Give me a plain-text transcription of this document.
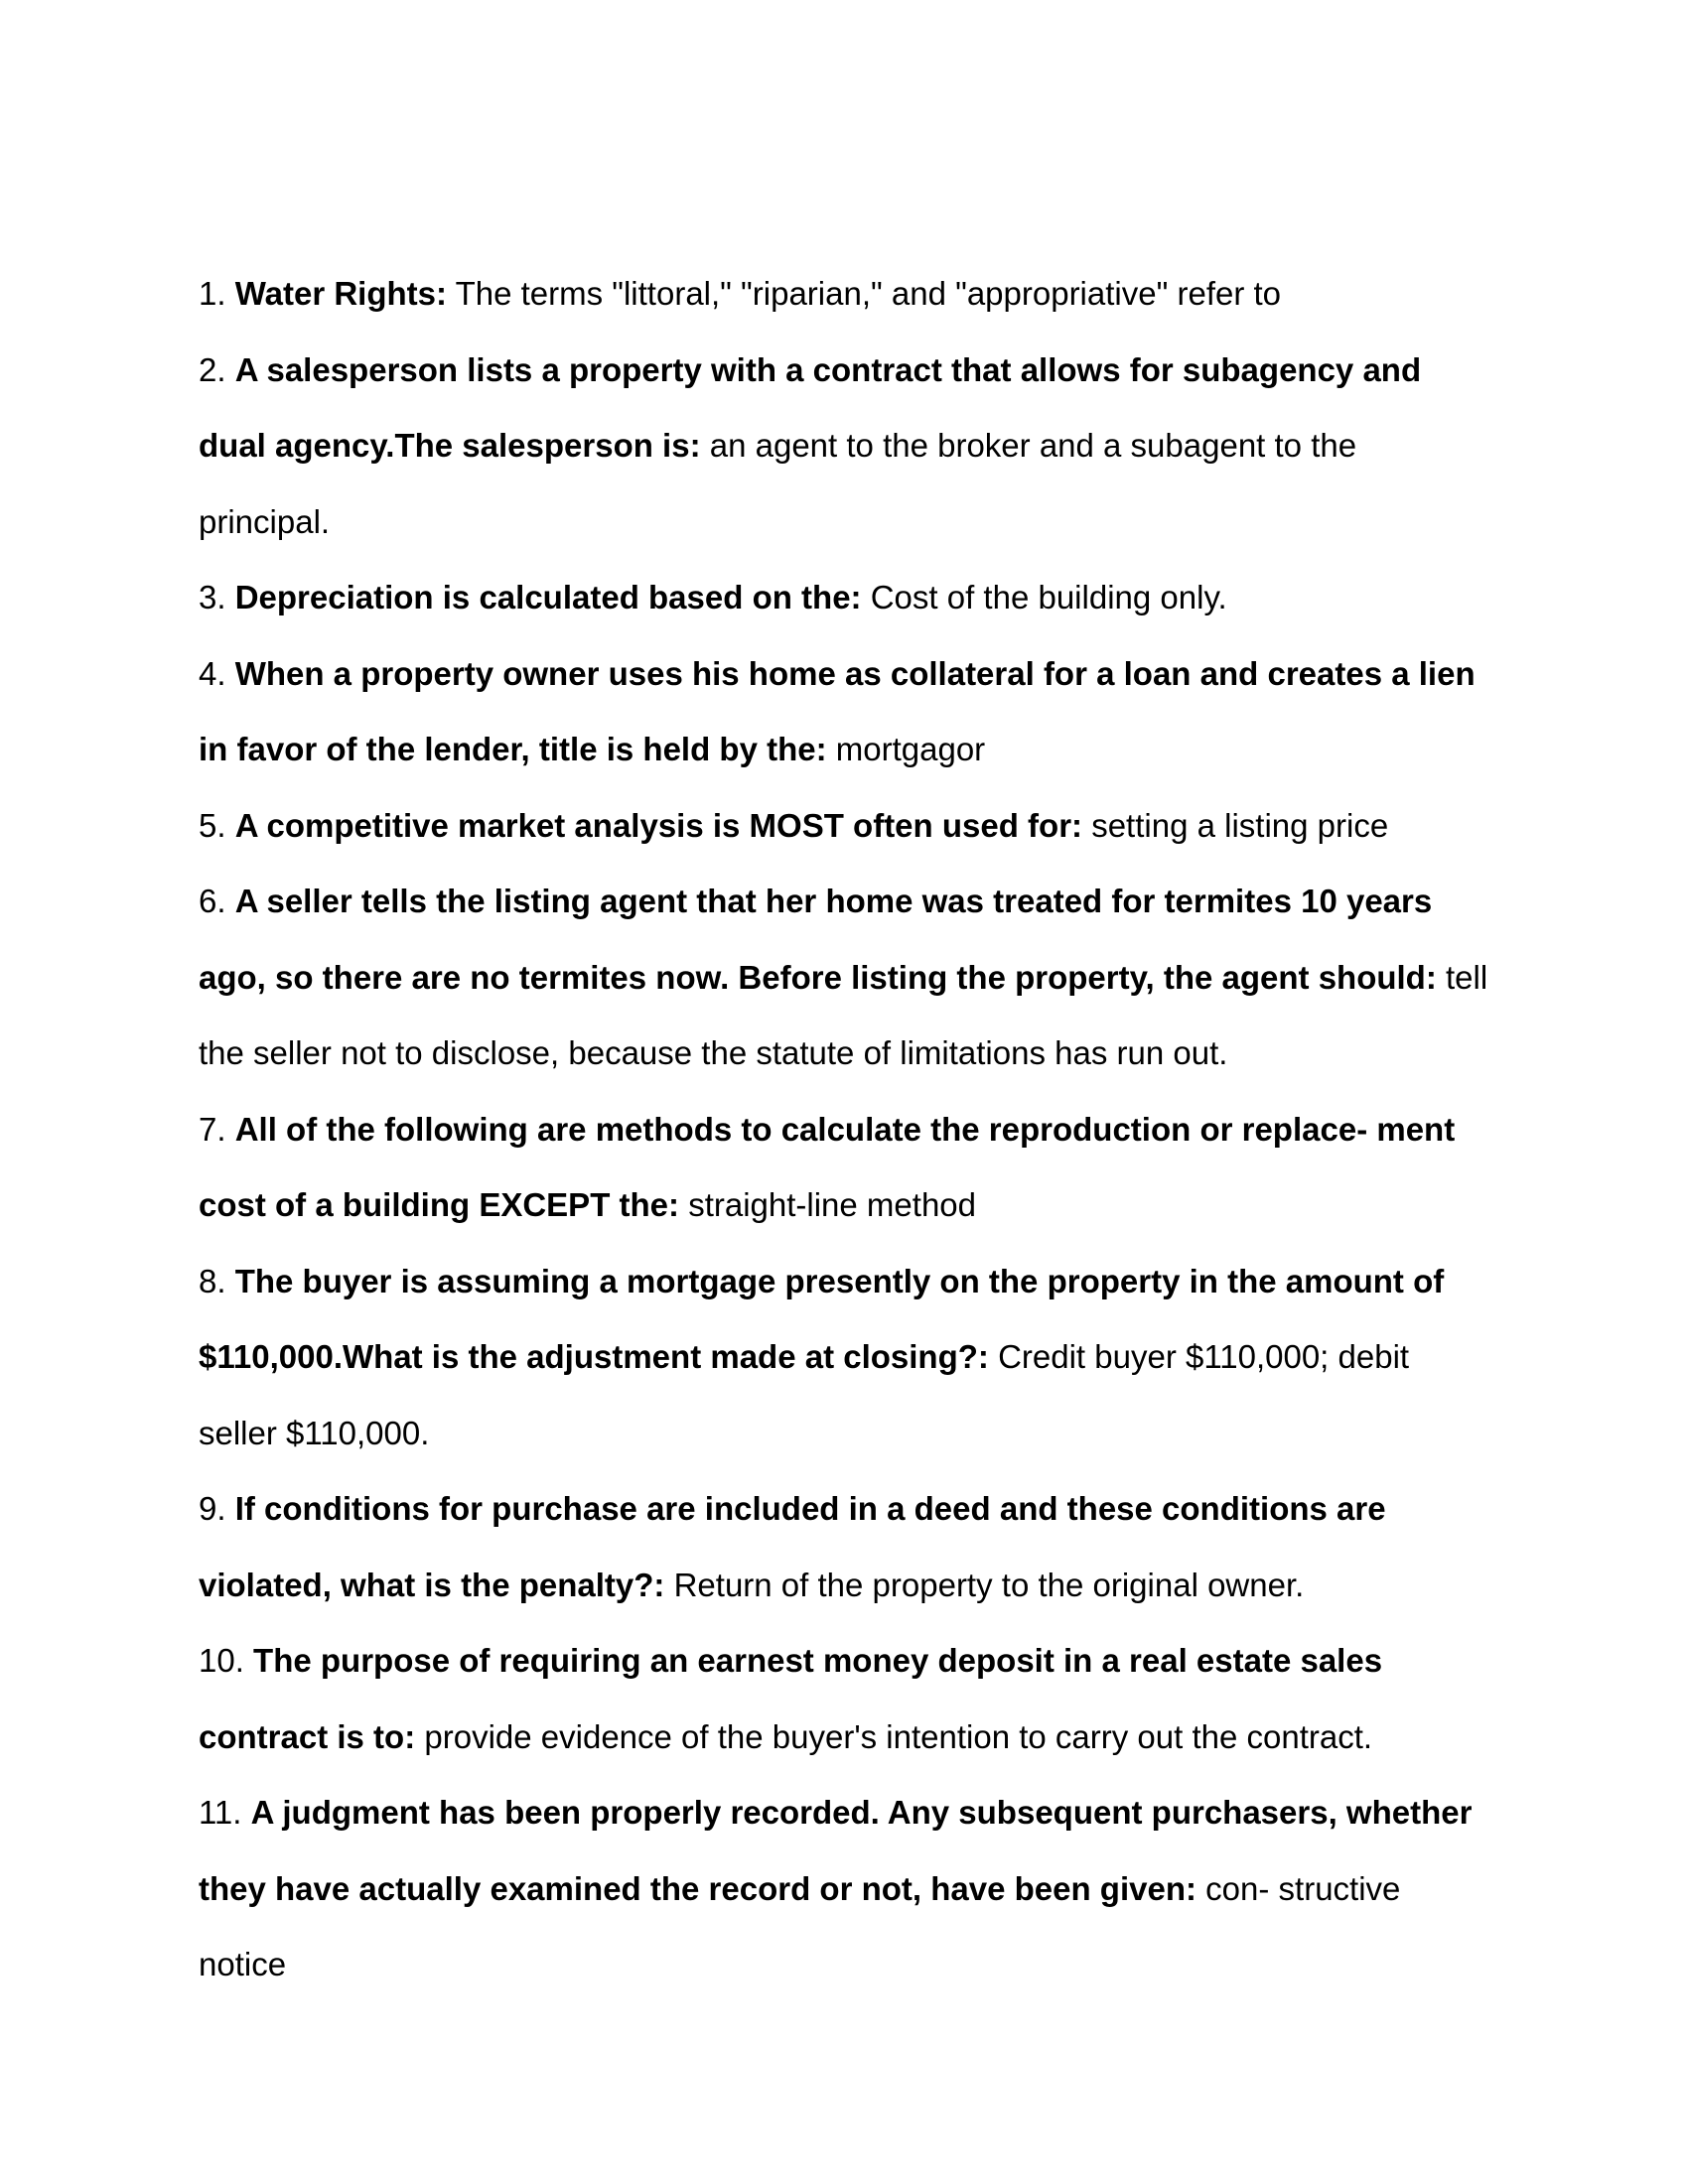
1. Water Rights: The terms "littoral," "riparian," and "appropriative" refer to

2. A salesperson lists a property with a contract that allows for subagency and dual agency.The salesperson is: an agent to the broker and a subagent to the principal.

3. Depreciation is calculated based on the: Cost of the building only.

4. When a property owner uses his home as collateral for a loan and creates a lien in favor of the lender, title is held by the: mortgagor

5. A competitive market analysis is MOST often used for: setting a listing price

6. A seller tells the listing agent that her home was treated for termites 10 years ago, so there are no termites now. Before listing the property, the agent should: tell the seller not to disclose, because the statute of limitations has run out.

7. All of the following are methods to calculate the reproduction or replace- ment cost of a building EXCEPT the: straight-line method

8. The buyer is assuming a mortgage presently on the property in the amount of $110,000.What is the adjustment made at closing?: Credit buyer $110,000; debit seller $110,000.

9. If conditions for purchase are included in a deed and these conditions are violated, what is the penalty?: Return of the property to the original owner.

10. The purpose of requiring an earnest money deposit in a real estate sales contract is to: provide evidence of the buyer's intention to carry out the contract.

11. A judgment has been properly recorded. Any subsequent purchasers, whether they have actually examined the record or not, have been given: con- structive notice
